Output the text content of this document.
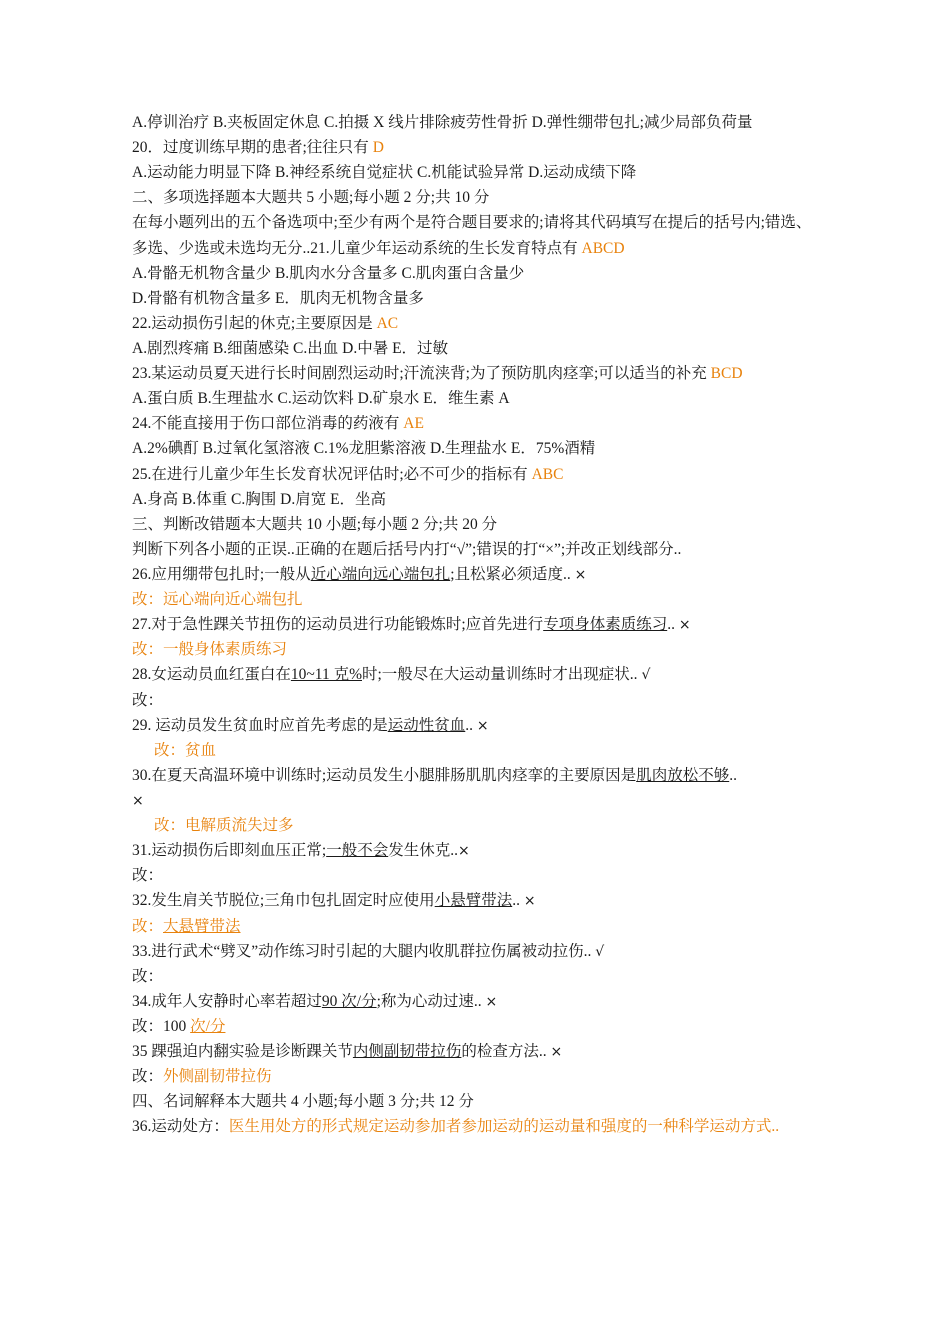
A.停训治疗 B.夹板固定休息 C.拍摄 X 线片排除疲劳性骨折 D.弹性绷带包扎;减少局部负荷量
20．过度训练早期的患者;往往只有 D
A.运动能力明显下降 B.神经系统自觉症状 C.机能试验异常 D.运动成绩下降
二、多项选择题本大题共 5 小题;每小题 2 分;共 10 分
在每小题列出的五个备选项中;至少有两个是符合题目要求的;请将其代码填写在提后的括号内;错选、多选、少选或未选均无分..21.儿童少年运动系统的生长发育特点有 ABCD
A.骨骼无机物含量少 B.肌肉水分含量多 C.肌肉蛋白含量少
D.骨骼有机物含量多 E．肌肉无机物含量多
22.运动损伤引起的休克;主要原因是 AC
A.剧烈疼痛 B.细菌感染 C.出血 D.中暑 E．过敏
23.某运动员夏天进行长时间剧烈运动时;汗流浃背;为了预防肌肉痉挛;可以适当的补充 BCD
A.蛋白质 B.生理盐水 C.运动饮料 D.矿泉水 E．维生素 A
24.不能直接用于伤口部位消毒的药液有 AE
A.2%碘酊 B.过氧化氢溶液 C.1%龙胆紫溶液 D.生理盐水 E．75%酒精
25.在进行儿童少年生长发育状况评估时;必不可少的指标有 ABC
A.身高 B.体重 C.胸围 D.肩宽 E．坐高
三、判断改错题本大题共 10 小题;每小题 2 分;共 20 分
判断下列各小题的正误..正确的在题后括号内打“√”;错误的打“×”;并改正划线部分..
26.应用绷带包扎时;一般从近心端向远心端包扎;且松紧必须适度.. ×
改：远心端向近心端包扎
27.对于急性踝关节扭伤的运动员进行功能锻炼时;应首先进行专项身体素质练习.. ×
改：一般身体素质练习
28.女运动员血红蛋白在10~11 克%时;一般尽在大运动量训练时才出现症状.. √
改：
29. 运动员发生贫血时应首先考虑的是运动性贫血.. ×
改：贫血
30.在夏天高温环境中训练时;运动员发生小腿腓肠肌肌肉痉挛的主要原因是肌肉放松不够..
×
改：电解质流失过多
31.运动损伤后即刻血压正常;一般不会发生休克..×
改：
32.发生肩关节脱位;三角巾包扎固定时应使用小悬臂带法.. ×
改：大悬臂带法
33.进行武术“劈叉”动作练习时引起的大腿内收肌群拉伤属被动拉伤.. √
改：
34.成年人安静时心率若超过90 次/分;称为心动过速.. ×
改：100 次/分
35 踝强迫内翻实验是诊断踝关节内侧副韧带拉伤的检查方法.. ×
改：外侧副韧带拉伤
四、名词解释本大题共 4 小题;每小题 3 分;共 12 分
36.运动处方：医生用处方的形式规定运动参加者参加运动的运动量和强度的一种科学运动方式..
